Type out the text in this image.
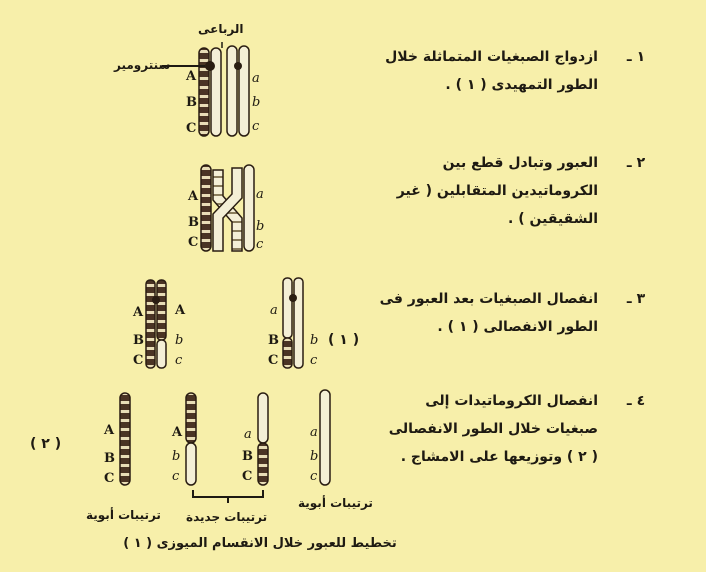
A
B
C
a
b
c
A
B
C
a
b
c
A
B
C
A
b
c
a
B
C
b
c
A
B
C
A
b
c
a
B
C
a
b
c
الرباعى
سنترومير
( ١ )
( ٢ )
ترتيبات أبوية ترتيبات جديدة
ترتيبات أبوية
تخطيط للعبور خلال الانقسام الميوزى ( ١ )
١ ـ
ازدواج الصبغيات المتماثلة خلال
الطور التمهيدى ( ١ ) .
٢ ـ
العبور وتبادل قطع بين
الكروماتيدين المتقابلين ( غير
الشقيقين ) .
٣ ـ
انفصال الصبغيات بعد العبور فى
الطور الانفصالى ( ١ ) .
٤ ـ
انفصال الكروماتيدات إلى
صبغيات خلال الطور الانفصالى
( ٢ ) وتوزيعها على الامشاج .
